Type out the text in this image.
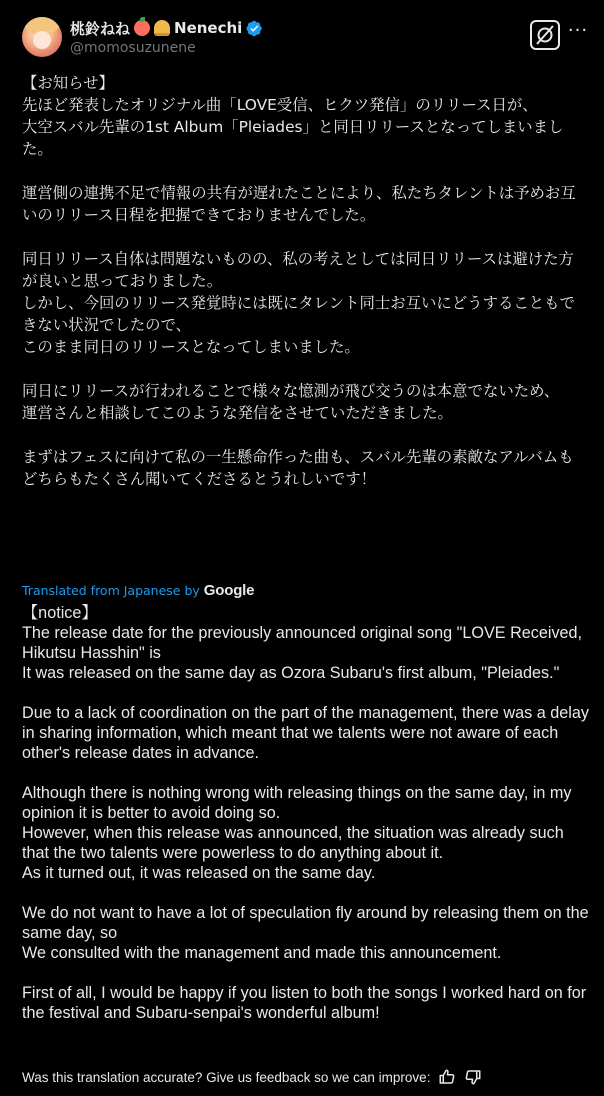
桃鈴ねね	Nenechi
@momosuzunene
···

【お知らせ】
先ほど発表したオリジナル曲「LOVE受信、ヒクツ発信」のリリース日が、
大空スバル先輩の1st Album「Pleiades」と同日リリースとなってしまいました。

運営側の連携不足で情報の共有が遅れたことにより、私たちタレントは予めお互いのリリース日程を把握できておりませんでした。

同日リリース自体は問題ないものの、私の考えとしては同日リリースは避けた方が良いと思っておりました。
しかし、今回のリリース発覚時には既にタレント同士お互いにどうすることもできない状況でしたので、
このまま同日のリリースとなってしまいました。

同日にリリースが行われることで様々な憶測が飛び交うのは本意でないため、
運営さんと相談してこのような発信をさせていただきました。

まずはフェスに向けて私の一生懸命作った曲も、スバル先輩の素敵なアルバムもどちらもたくさん聞いてくださるとうれしいです！

Translated from Japanese by Google

【notice】
The release date for the previously announced original song "LOVE Received, Hikutsu Hasshin" is
It was released on the same day as Ozora Subaru's first album, "Pleiades."

Due to a lack of coordination on the part of the management, there was a delay in sharing information, which meant that we talents were not aware of each other's release dates in advance.

Although there is nothing wrong with releasing things on the same day, in my opinion it is better to avoid doing so.
However, when this release was announced, the situation was already such that the two talents were powerless to do anything about it.
As it turned out, it was released on the same day.

We do not want to have a lot of speculation fly around by releasing them on the same day, so
We consulted with the management and made this announcement.

First of all, I would be happy if you listen to both the songs I worked hard on for the festival and Subaru-senpai's wonderful album!

Was this translation accurate? Give us feedback so we can improve:
